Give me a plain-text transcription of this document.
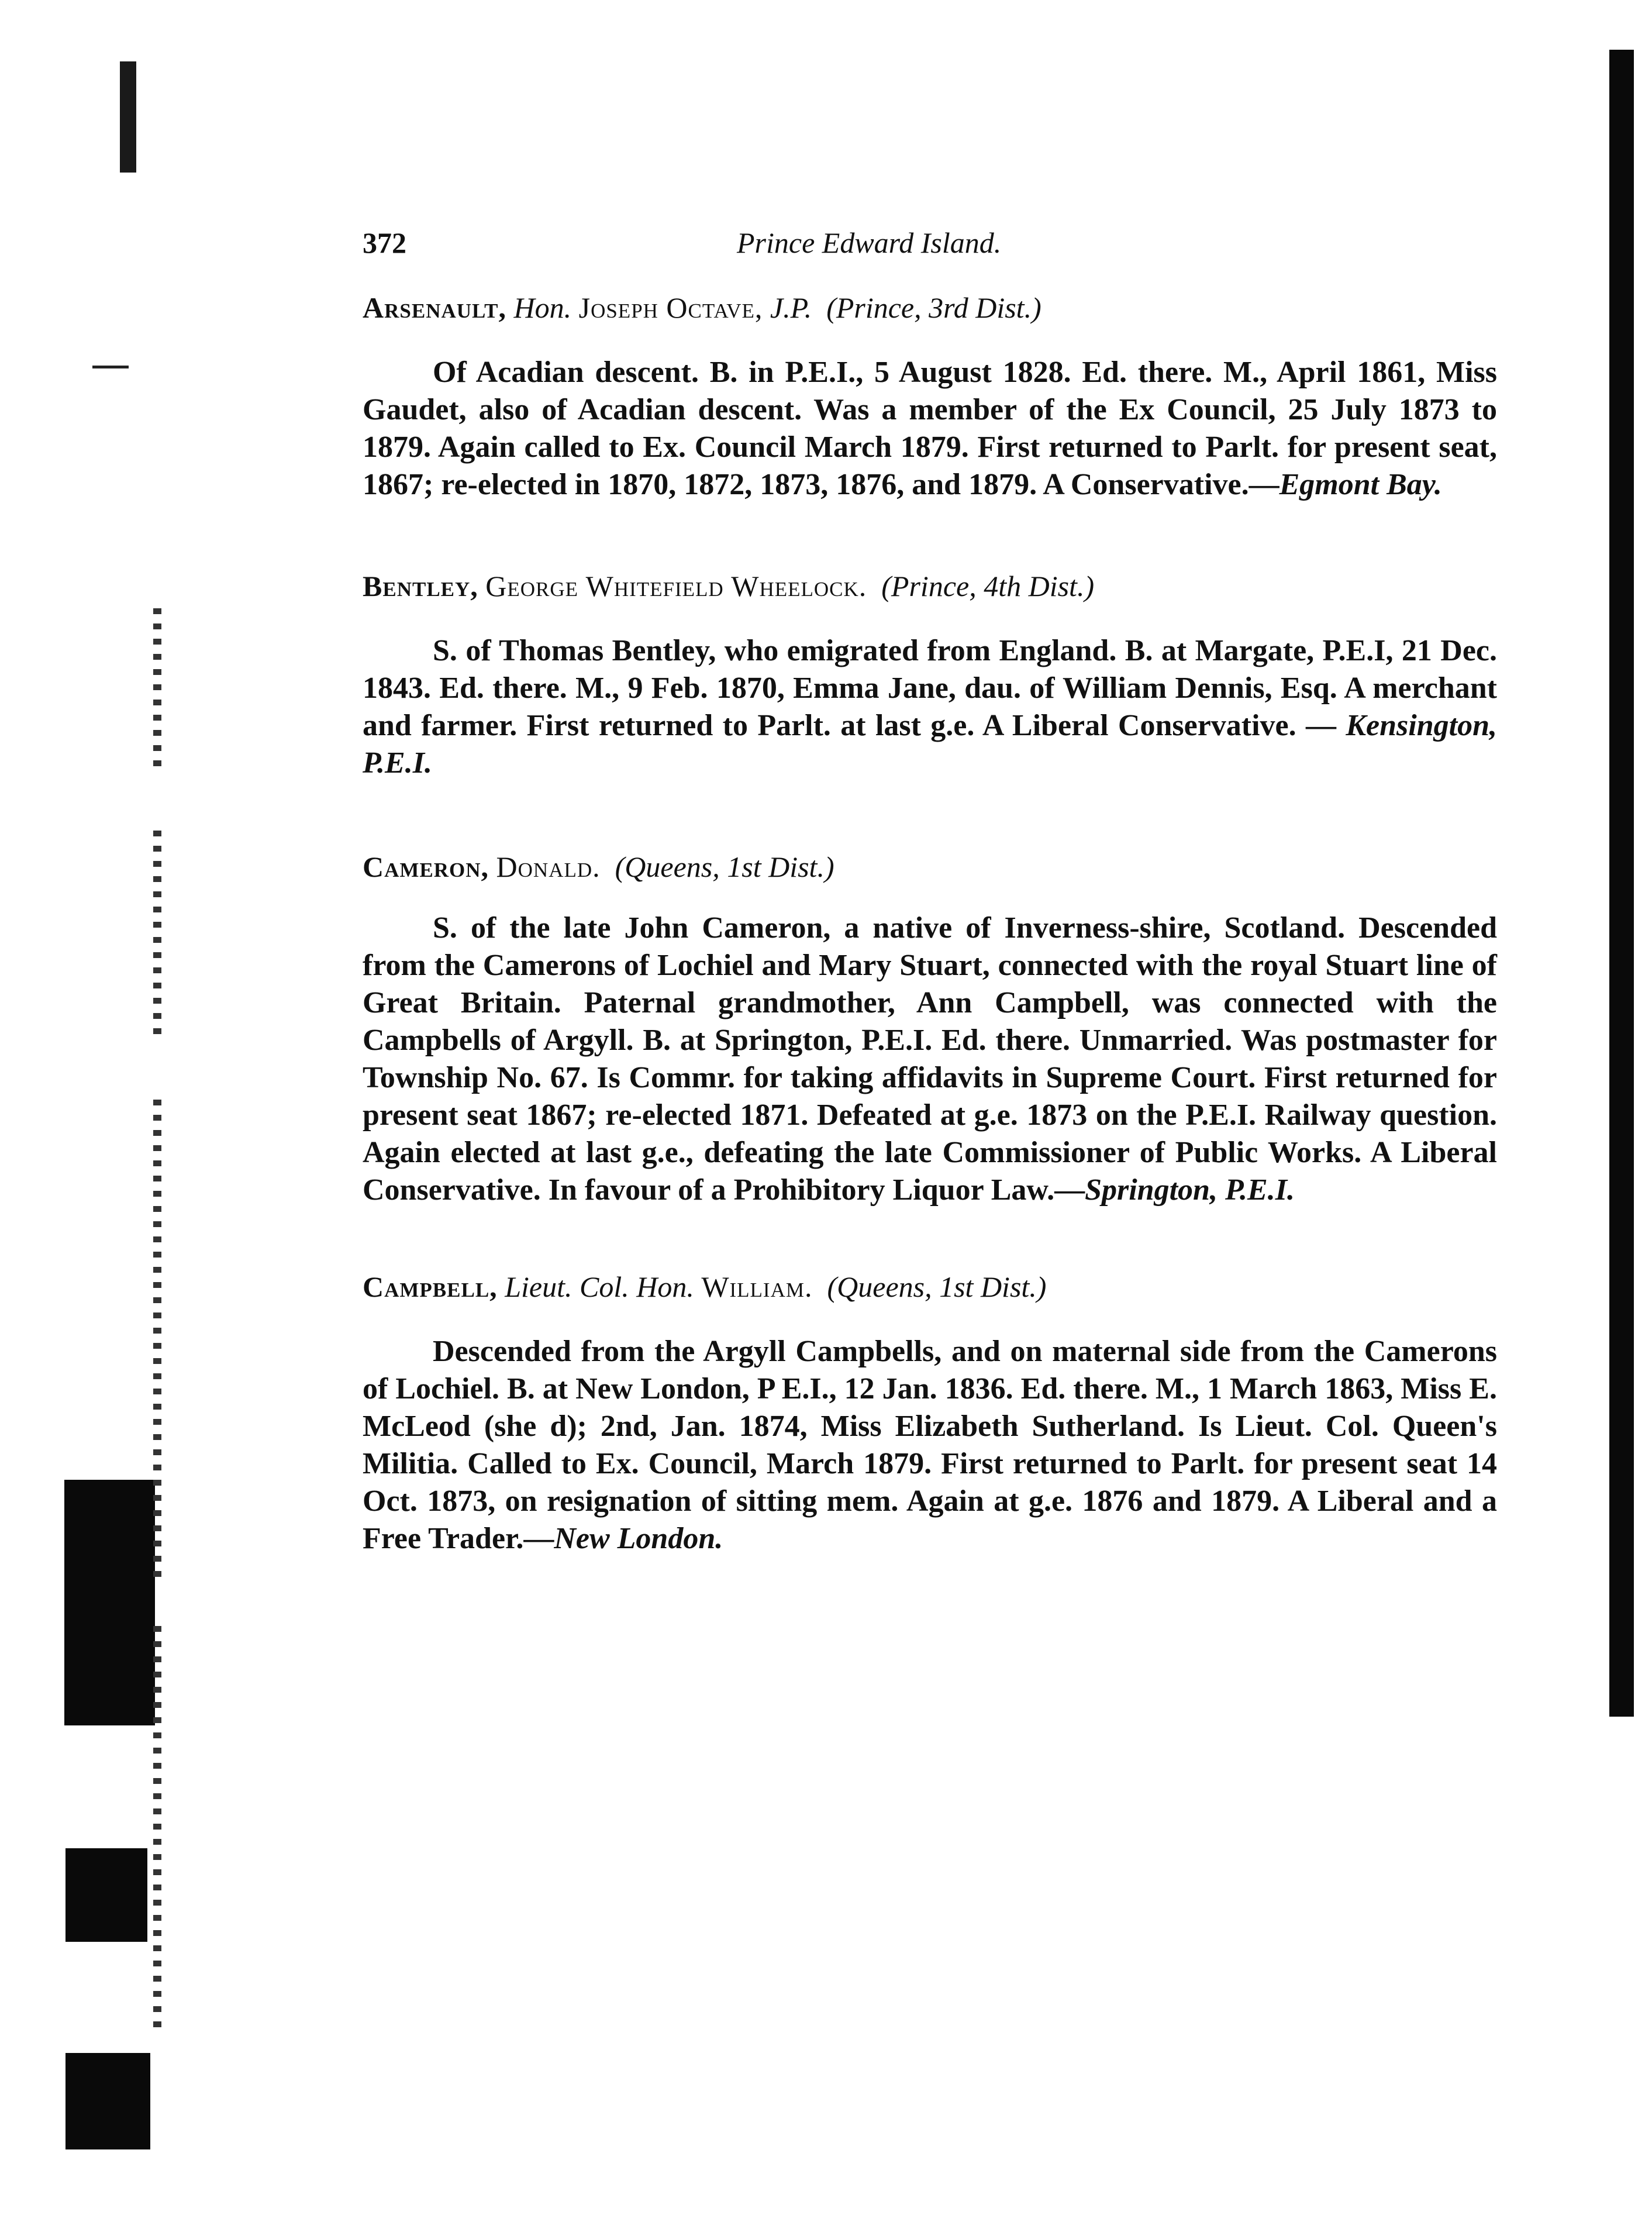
372	Prince Edward Island.
Arsenault, Hon. Joseph Octave, J.P. (Prince, 3rd Dist.)

Of Acadian descent. B. in P.E.I., 5 August 1828. Ed. there. M., April 1861, Miss Gaudet, also of Acadian descent. Was a member of the Ex Council, 25 July 1873 to 1879. Again called to Ex. Council March 1879. First returned to Parlt. for present seat, 1867; re-elected in 1870, 1872, 1873, 1876, and 1879. A Conservative.—Egmont Bay.

Bentley, George Whitefield Wheelock. (Prince, 4th Dist.)

S. of Thomas Bentley, who emigrated from England. B. at Margate, P.E.I, 21 Dec. 1843. Ed. there. M., 9 Feb. 1870, Emma Jane, dau. of William Dennis, Esq. A merchant and farmer. First returned to Parlt. at last g.e. A Liberal Conservative. — Kensington, P.E.I.

Cameron, Donald. (Queens, 1st Dist.)

S. of the late John Cameron, a native of Inverness-shire, Scotland. Descended from the Camerons of Lochiel and Mary Stuart, connected with the royal Stuart line of Great Britain. Paternal grandmother, Ann Campbell, was connected with the Campbells of Argyll. B. at Springton, P.E.I. Ed. there. Unmarried. Was postmaster for Township No. 67. Is Commr. for taking affidavits in Supreme Court. First returned for present seat 1867; re-elected 1871. Defeated at g.e. 1873 on the P.E.I. Railway question. Again elected at last g.e., defeating the late Commissioner of Public Works. A Liberal Conservative. In favour of a Prohibitory Liquor Law.—Springton, P.E.I.

Campbell, Lieut. Col. Hon. William. (Queens, 1st Dist.)

Descended from the Argyll Campbells, and on maternal side from the Camerons of Lochiel. B. at New London, P E.I., 12 Jan. 1836. Ed. there. M., 1 March 1863, Miss E. McLeod (she d); 2nd, Jan. 1874, Miss Elizabeth Sutherland. Is Lieut. Col. Queen's Militia. Called to Ex. Council, March 1879. First returned to Parlt. for present seat 14 Oct. 1873, on resignation of sitting mem. Again at g.e. 1876 and 1879. A Liberal and a Free Trader.—New London.
